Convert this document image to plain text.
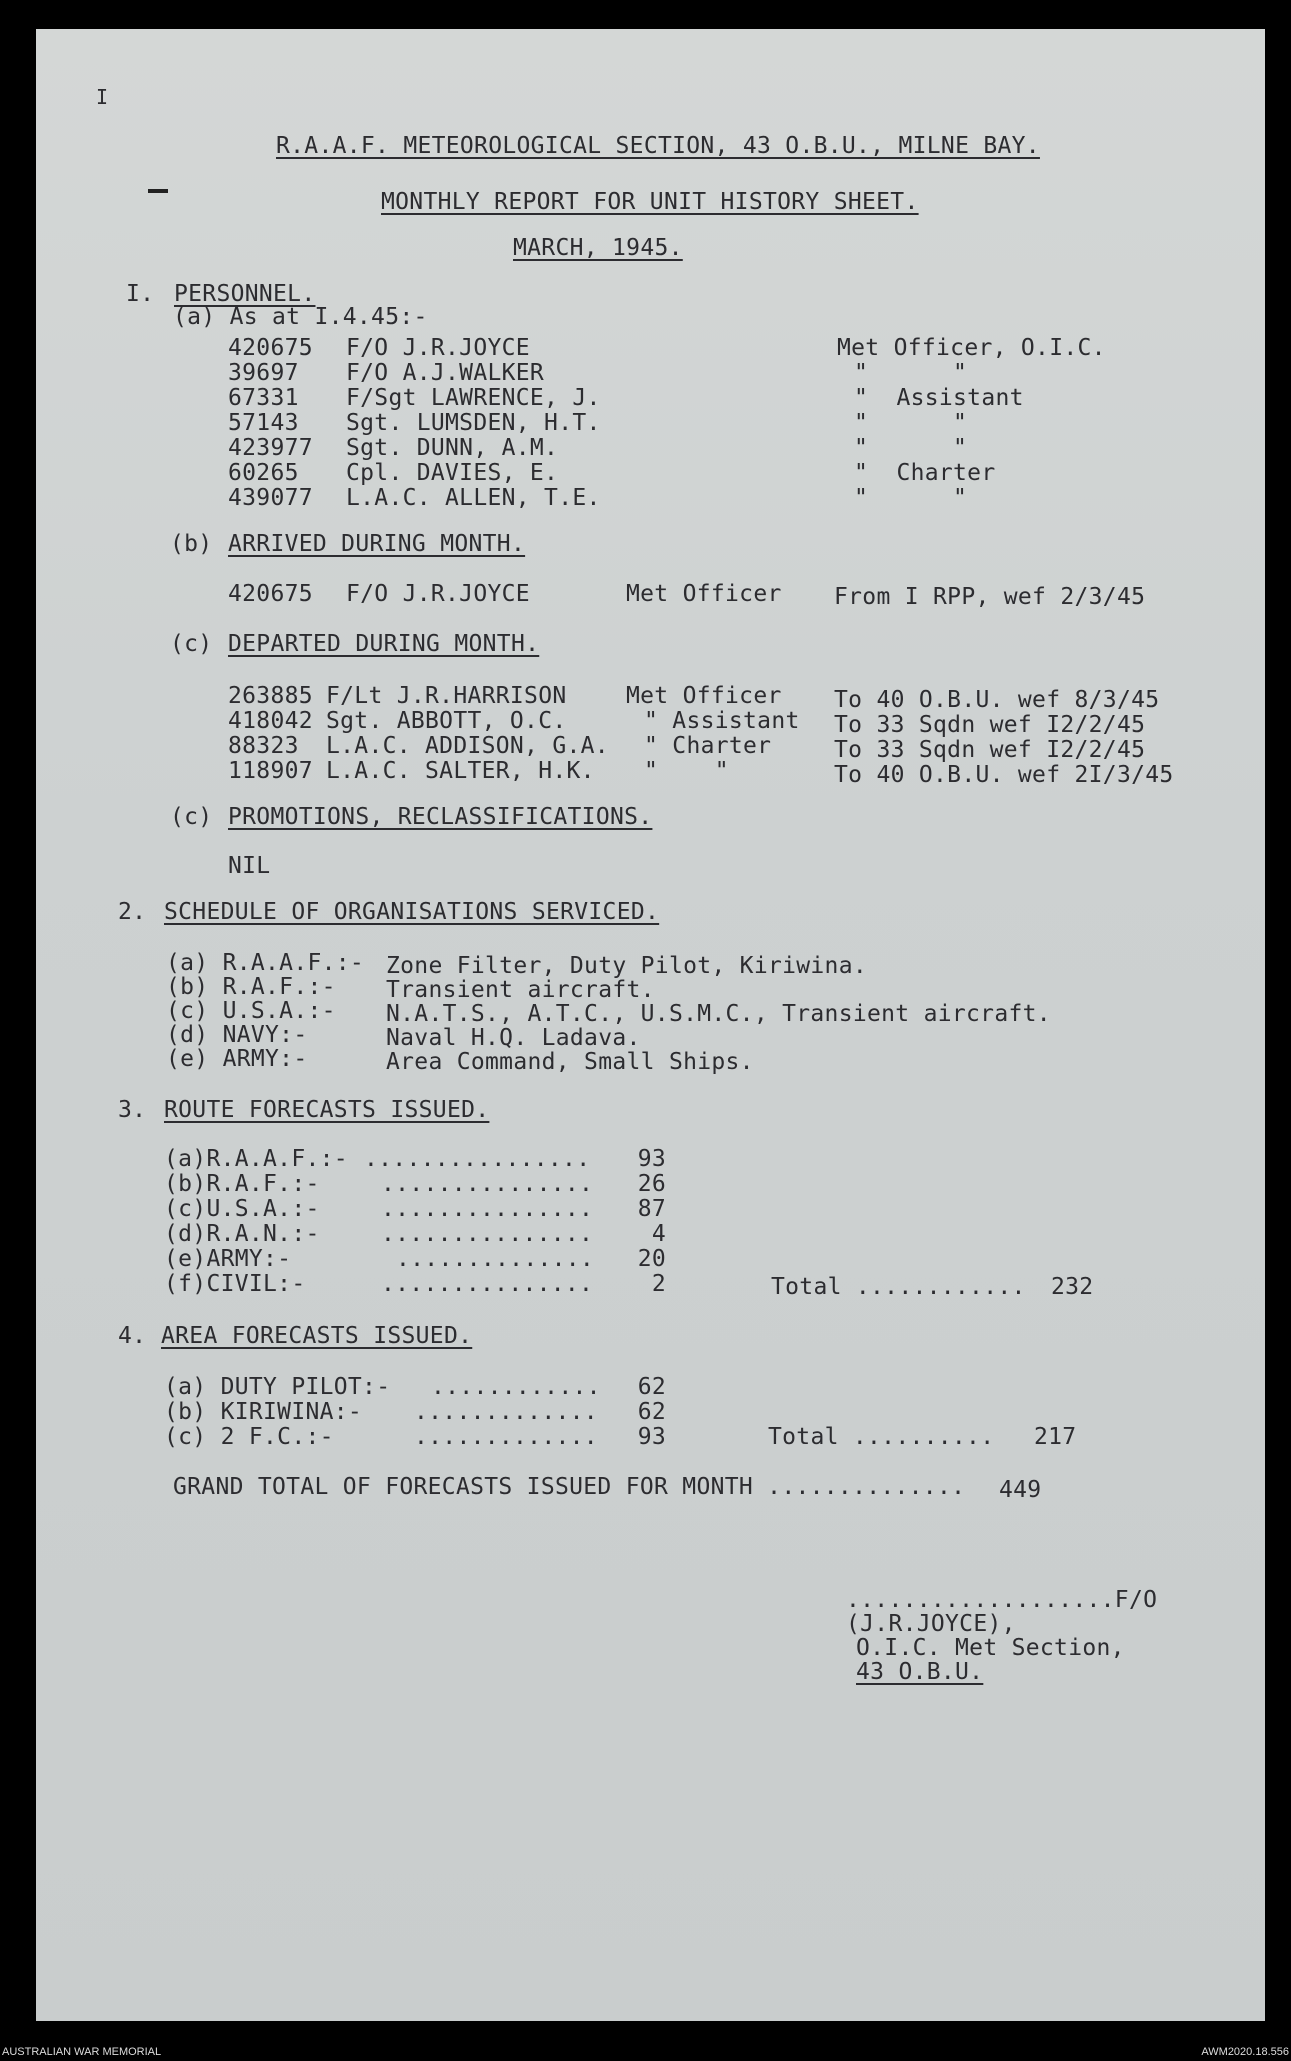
I
R.A.A.F. METEOROLOGICAL SECTION, 43 O.B.U., MILNE BAY.
MONTHLY REPORT FOR UNIT HISTORY SHEET.
MARCH, 1945.
I. PERSONNEL.
(a) As at I.4.45:-
420675 F/O J.R.JOYCE	Met Officer, O.I.C.
39697 F/O A.J.WALKER	"      "
67331 F/Sgt LAWRENCE, J.	"  Assistant
57143 Sgt. LUMSDEN, H.T.	"      "
423977 Sgt. DUNN, A.M.	"      "
60265 Cpl. DAVIES, E.	"  Charter
439077 L.A.C. ALLEN, T.E.	"      "
(b) ARRIVED DURING MONTH.
420675 F/O J.R.JOYCE	Met Officer From I RPP, wef 2/3/45
(c) DEPARTED DURING MONTH.
263885 F/Lt J.R.HARRISON	Met Officer To 40 O.B.U. wef 8/3/45
418042 Sgt. ABBOTT, O.C.	" Assistant To 33 Sqdn wef I2/2/45
88323 L.A.C. ADDISON, G.A. " Charter	To 33 Sqdn wef I2/2/45
118907 L.A.C. SALTER, H.K. "    "	To 40 O.B.U. wef 2I/3/45
(c) PROMOTIONS, RECLASSIFICATIONS.
NIL
2. SCHEDULE OF ORGANISATIONS SERVICED.
(a) R.A.A.F.:- Zone Filter, Duty Pilot, Kiriwina.
(b) R.A.F.:- Transient aircraft.
(c) U.S.A.:- N.A.T.S., A.T.C., U.S.M.C., Transient aircraft.
(d) NAVY:-	Naval H.Q. Ladava.
(e) ARMY:-	Area Command, Small Ships.
3. ROUTE FORECASTS ISSUED.
(a)R.A.A.F.:- ................	93
(b)R.A.F.:-	...............	26
(c)U.S.A.:-	...............	87
(d)R.A.N.:-	...............	4
(e)ARMY:-	..............	20
(f)CIVIL:-	...............	2	Total ............ 232
4. AREA FORECASTS ISSUED.
(a) DUTY PILOT:- ............	62
(b) KIRIWINA:- .............	62
(c) 2 F.C.:-	.............	93	Total .......... 217
GRAND TOTAL OF FORECASTS ISSUED FOR MONTH .............. 449
...................F/O
(J.R.JOYCE),
O.I.C. Met Section,
43 O.B.U.
AUSTRALIAN WAR MEMORIAL	AWM2020.18.556
